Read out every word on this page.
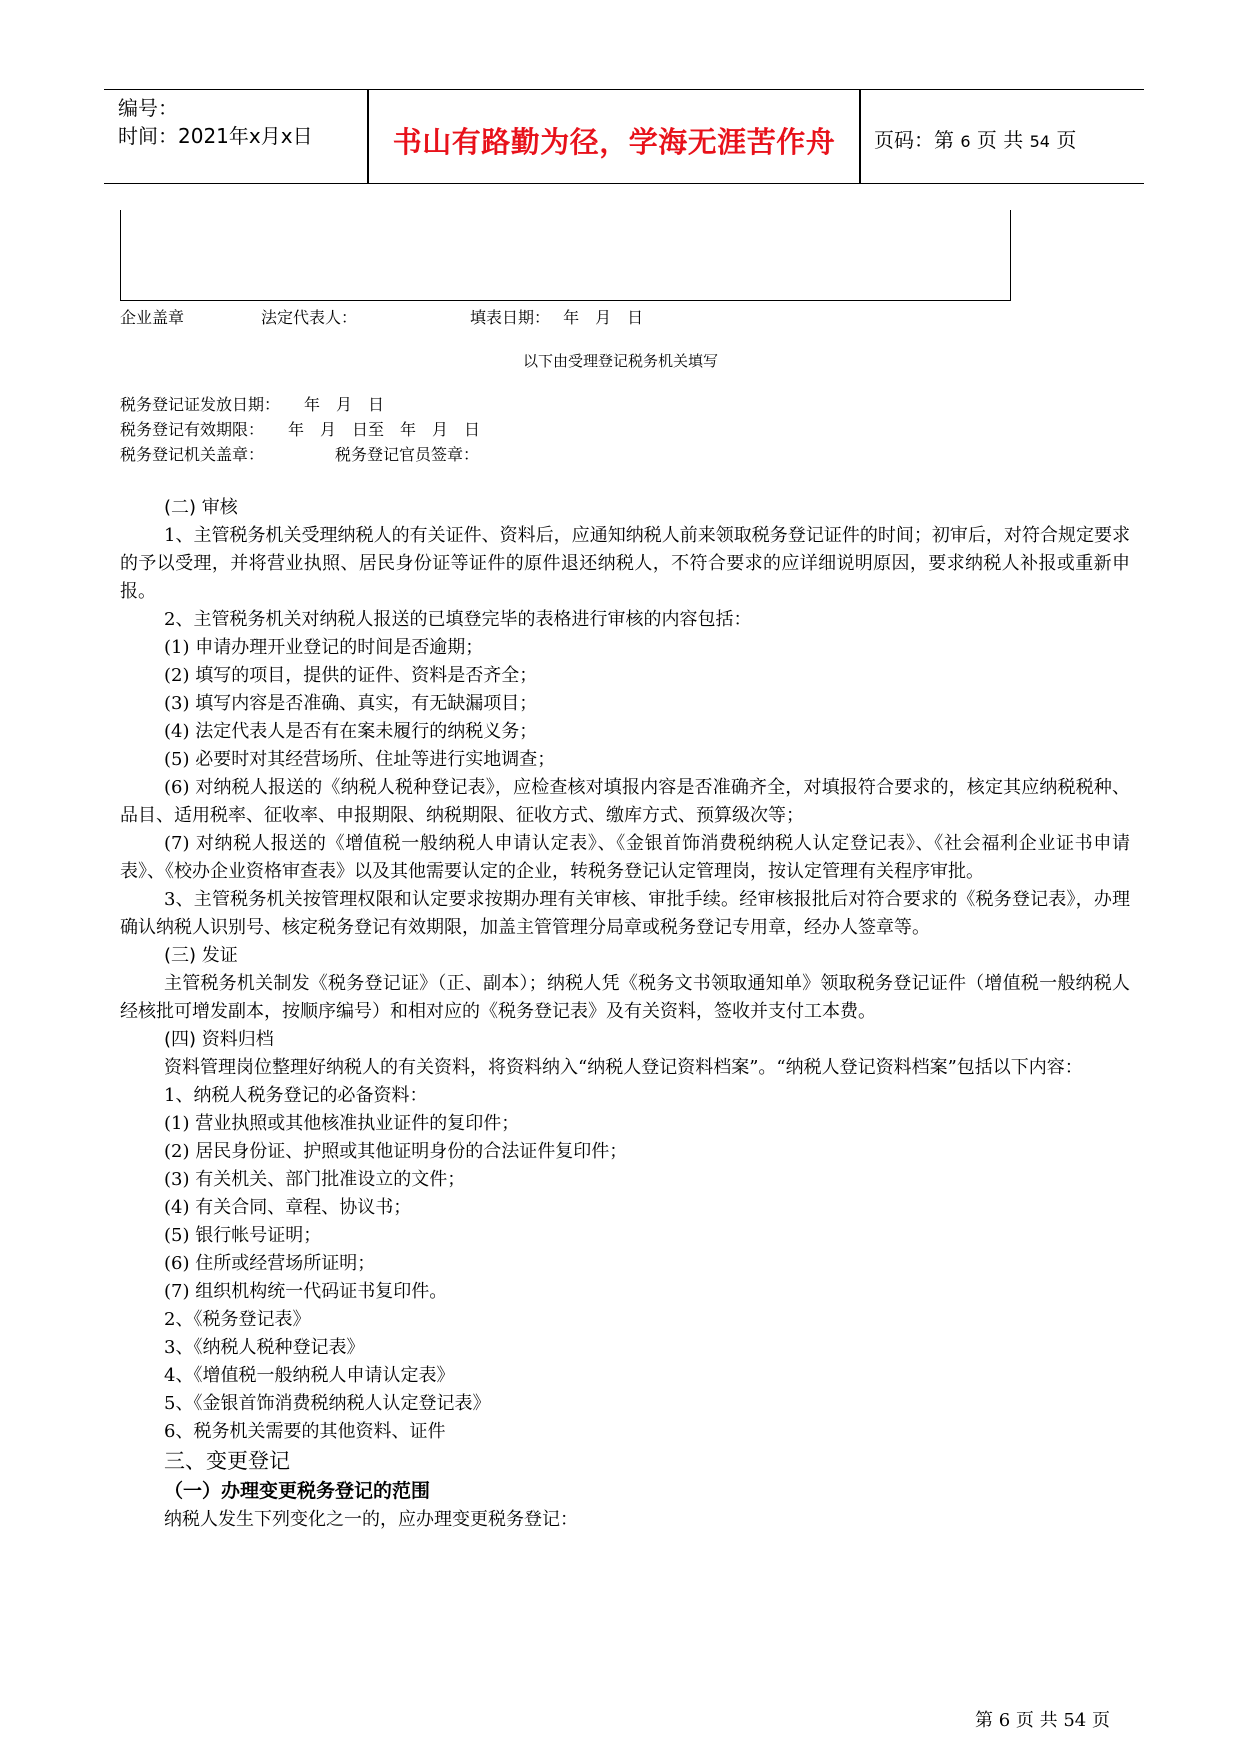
编号：
时间：2021年x月x日	书山有路勤为径，学海无涯苦作舟	页码：第 6 页 共 54 页
企业盖章	法定代表人：	填表日期：　 年　月　日
以下由受理登记税务机关填写
税务登记证发放日期：　　年　月　日
税务登记有效期限：　　年　月　日至　年　月　日
税务登记机关盖章：	税务登记官员签章：

(二) 审核

1、主管税务机关受理纳税人的有关证件、资料后，应通知纳税人前来领取税务登记证件的时间；初审后，对符合规定要求的予以受理，并将营业执照、居民身份证等证件的原件退还纳税人，不符合要求的应详细说明原因，要求纳税人补报或重新申报。

2、主管税务机关对纳税人报送的已填登完毕的表格进行审核的内容包括：

(1) 申请办理开业登记的时间是否逾期；

(2) 填写的项目，提供的证件、资料是否齐全；

(3) 填写内容是否准确、真实，有无缺漏项目；

(4) 法定代表人是否有在案未履行的纳税义务；

(5) 必要时对其经营场所、住址等进行实地调查；

(6) 对纳税人报送的《纳税人税种登记表》，应检查核对填报内容是否准确齐全，对填报符合要求的，核定其应纳税税种、品目、适用税率、征收率、申报期限、纳税期限、征收方式、缴库方式、预算级次等；

(7) 对纳税人报送的《增值税一般纳税人申请认定表》、《金银首饰消费税纳税人认定登记表》、《社会福利企业证书申请表》、《校办企业资格审查表》以及其他需要认定的企业，转税务登记认定管理岗，按认定管理有关程序审批。

3、主管税务机关按管理权限和认定要求按期办理有关审核、审批手续。经审核报批后对符合要求的《税务登记表》，办理确认纳税人识别号、核定税务登记有效期限，加盖主管管理分局章或税务登记专用章，经办人签章等。

(三) 发证

主管税务机关制发《税务登记证》（正、副本）；纳税人凭《税务文书领取通知单》领取税务登记证件（增值税一般纳税人经核批可增发副本，按顺序编号）和相对应的《税务登记表》及有关资料，签收并支付工本费。

(四) 资料归档

资料管理岗位整理好纳税人的有关资料，将资料纳入“纳税人登记资料档案”。“纳税人登记资料档案”包括以下内容：

1、纳税人税务登记的必备资料：

(1) 营业执照或其他核准执业证件的复印件；

(2) 居民身份证、护照或其他证明身份的合法证件复印件；

(3) 有关机关、部门批准设立的文件；

(4) 有关合同、章程、协议书；

(5) 银行帐号证明；

(6) 住所或经营场所证明；

(7) 组织机构统一代码证书复印件。

2、《税务登记表》

3、《纳税人税种登记表》

4、《增值税一般纳税人申请认定表》

5、《金银首饰消费税纳税人认定登记表》

6、税务机关需要的其他资料、证件

三、变更登记

（一）办理变更税务登记的范围

纳税人发生下列变化之一的，应办理变更税务登记：

第 6 页 共 54 页
